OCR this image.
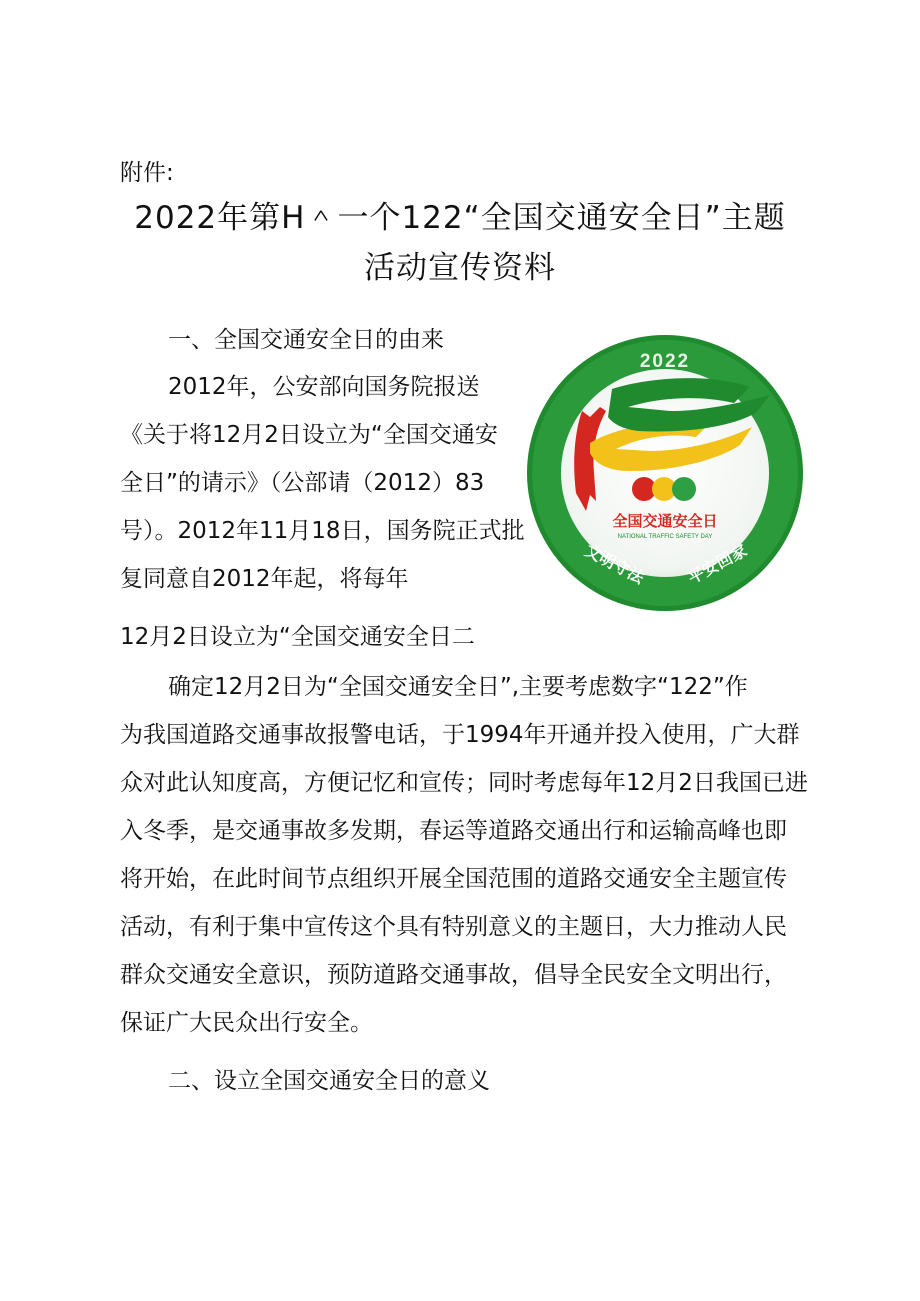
附件:
2022年第H＾一个122“全国交通安全日”主题
活动宣传资料
一、全国交通安全日的由来
2012年，公安部向国务院报送
《关于将12月2日设立为“全国交通安
全日”的请示》（公部请（2012）83
号）。2012年11月18日，国务院正式批
复同意自2012年起，将每年
12月2日设立为“全国交通安全日二
确定12月2日为“全国交通安全日”,主要考虑数字“122”作
为我国道路交通事故报警电话，于1994年开通并投入使用，广大群
众对此认知度高，方便记忆和宣传；同时考虑每年12月2日我国已进
入冬季，是交通事故多发期，春运等道路交通出行和运输高峰也即
将开始，在此时间节点组织开展全国范围的道路交通安全主题宣传
活动，有利于集中宣传这个具有特别意义的主题日，大力推动人民
群众交通安全意识，预防道路交通事故，倡导全民安全文明出行，
保证广大民众出行安全。
二、设立全国交通安全日的意义
2022
全国交通安全日
NATIONAL TRAFFIC SAFETY DAY
文明守法 平安回家
